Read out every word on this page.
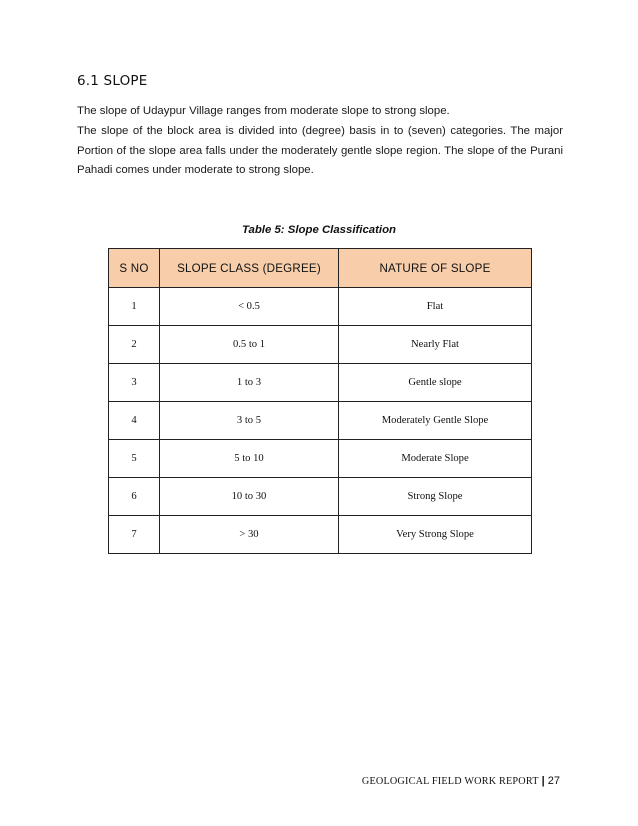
6.1 SLOPE
The slope of Udaypur Village ranges from moderate slope to strong slope.
The slope of the block area is divided into (degree) basis in to (seven) categories. The major Portion of the slope area falls under the moderately gentle slope region. The slope of the Purani Pahadi comes under moderate to strong slope.
Table 5: Slope Classification
S NO	SLOPE CLASS (DEGREE)	NATURE OF SLOPE
1	< 0.5	Flat
2	0.5 to 1	Nearly Flat
3	1 to 3	Gentle slope
4	3 to 5	Moderately Gentle Slope
5	5 to 10	Moderate Slope
6	10 to 30	Strong Slope
7	> 30	Very Strong Slope
GEOLOGICAL FIELD WORK REPORT | 27
